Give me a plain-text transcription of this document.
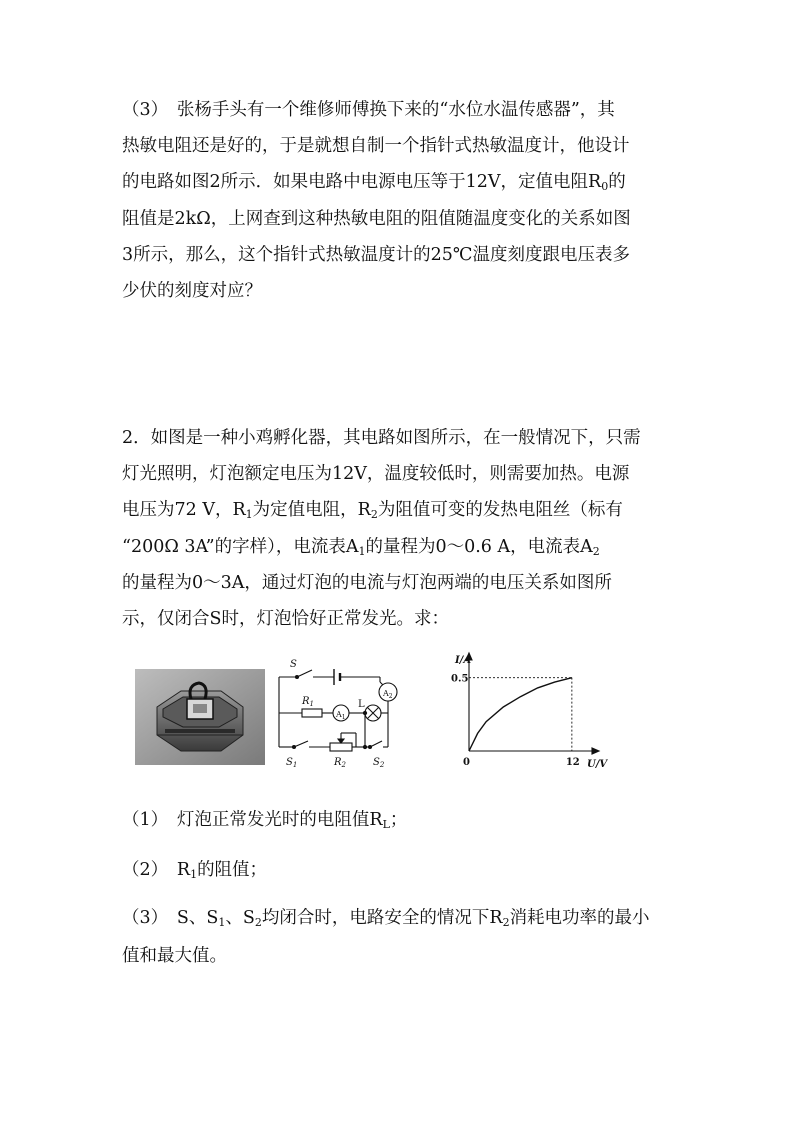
（3）　张杨手头有一个维修师傅换下来的“水位水温传感器”，其
热敏电阻还是好的，于是就想自制一个指针式热敏温度计，他设计
的电路如图2所示．如果电路中电源电压等于12V，定值电阻$R_0$的
阻值是2kΩ，上网查到这种热敏电阻的阻值随温度变化的关系如图
3所示，那么，这个指针式热敏温度计的25℃温度刻度跟电压表多
少伏的刻度对应？
2．如图是一种小鸡孵化器，其电路如图所示，在一般情况下，只需
灯光照明，灯泡额定电压为12V，温度较低时，则需要加热。电源
电压为72 V，$R_1$为定值电阻，$R_2$为阻值可变的发热电阻丝（标有
“200Ω 3A”的字样），电流表$A_1$的量程为0～0.6 A，电流表$A_2$
的量程为0～3A，通过灯泡的电流与灯泡两端的电压关系如图所
示，仅闭合S时，灯泡恰好正常发光。求：
S
$R_1$
$A_1$
$A_2$
L
$S_1$	$R_2$	$S_2$
I/A
U/V
0	12
0.5

（1）　灯泡正常发光时的电阻值$R_L$；

（2）　$R_1$的阻值；

（3）　S、$S_1$、$S_2$均闭合时，电路安全的情况下$R_2$消耗电功率的最小

值和最大值。
